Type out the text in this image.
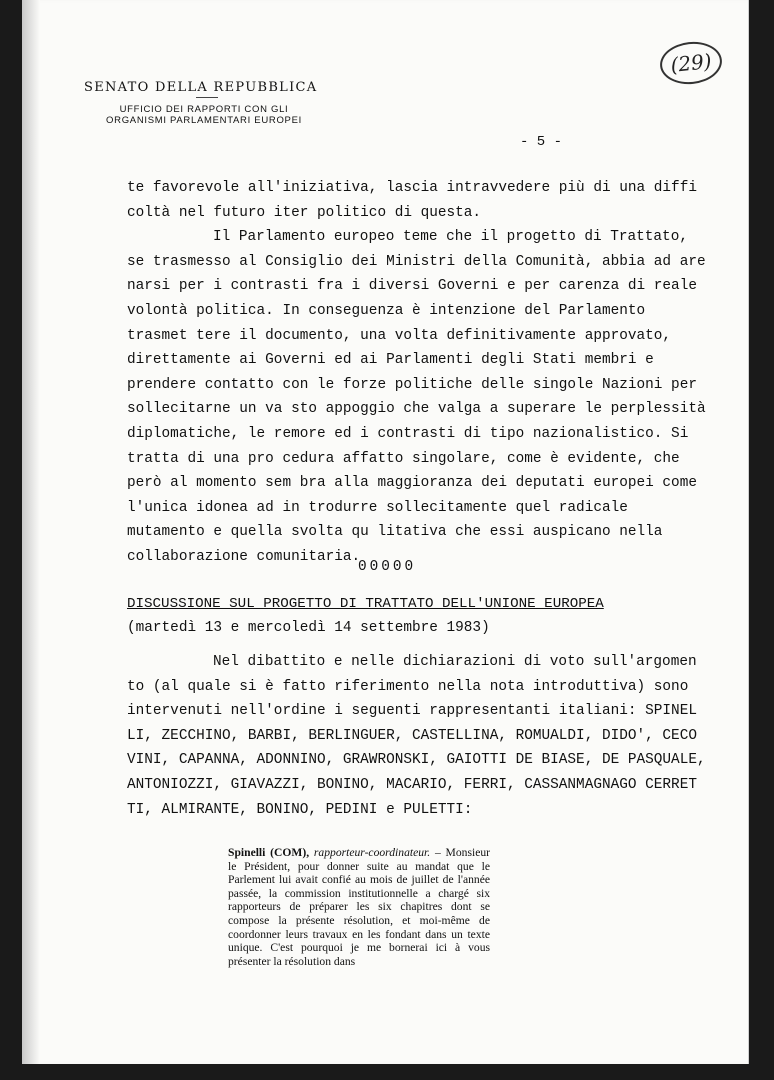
(29)
SENATO DELLA REPUBBLICA
UFFICIO DEI RAPPORTI CON GLI
ORGANISMI PARLAMENTARI EUROPEI
- 5 -

te favorevole all'iniziativa, lascia intravvedere più di una diffi coltà nel futuro iter politico di questa.

Il Parlamento europeo teme che il progetto di Trattato, se trasmesso al Consiglio dei Ministri della Comunità, abbia ad are narsi per i contrasti fra i diversi Governi e per carenza di reale volontà politica. In conseguenza è intenzione del Parlamento trasmet tere il documento, una volta definitivamente approvato, direttamente ai Governi ed ai Parlamenti degli Stati membri e prendere contatto con le forze politiche delle singole Nazioni per sollecitarne un va sto appoggio che valga a superare le perplessità diplomatiche, le remore ed i contrasti di tipo nazionalistico. Si tratta di una pro cedura affatto singolare, come è evidente, che però al momento sem bra alla maggioranza dei deputati europei come l'unica idonea ad in trodurre sollecitamente quel radicale mutamento e quella svolta qu litativa che essi auspicano nella collaborazione comunitaria.

00000
DISCUSSIONE SUL PROGETTO DI TRATTATO DELL'UNIONE EUROPEA
(martedì 13 e mercoledì 14 settembre 1983)

Nel dibattito e nelle dichiarazioni di voto sull'argomen to (al quale si è fatto riferimento nella nota introduttiva) sono intervenuti nell'ordine i seguenti rappresentanti italiani: SPINEL LI, ZECCHINO, BARBI, BERLINGUER, CASTELLINA, ROMUALDI, DIDO', CECO VINI, CAPANNA, ADONNINO, GRAWRONSKI, GAIOTTI DE BIASE, DE PASQUALE, ANTONIOZZI, GIAVAZZI, BONINO, MACARIO, FERRI, CASSANMAGNAGO CERRET TI, ALMIRANTE, BONINO, PEDINI e PULETTI:

Spinelli (COM), rapporteur-coordinateur. – Monsieur le Président, pour donner suite au mandat que le Parlement lui avait confié au mois de juillet de l'année passée, la commission institutionnelle a chargé six rapporteurs de préparer les six chapitres dont se compose la présente résolution, et moi-même de coordonner leurs travaux en les fondant dans un texte unique. C'est pourquoi je me bornerai ici à vous présenter la résolution dans
